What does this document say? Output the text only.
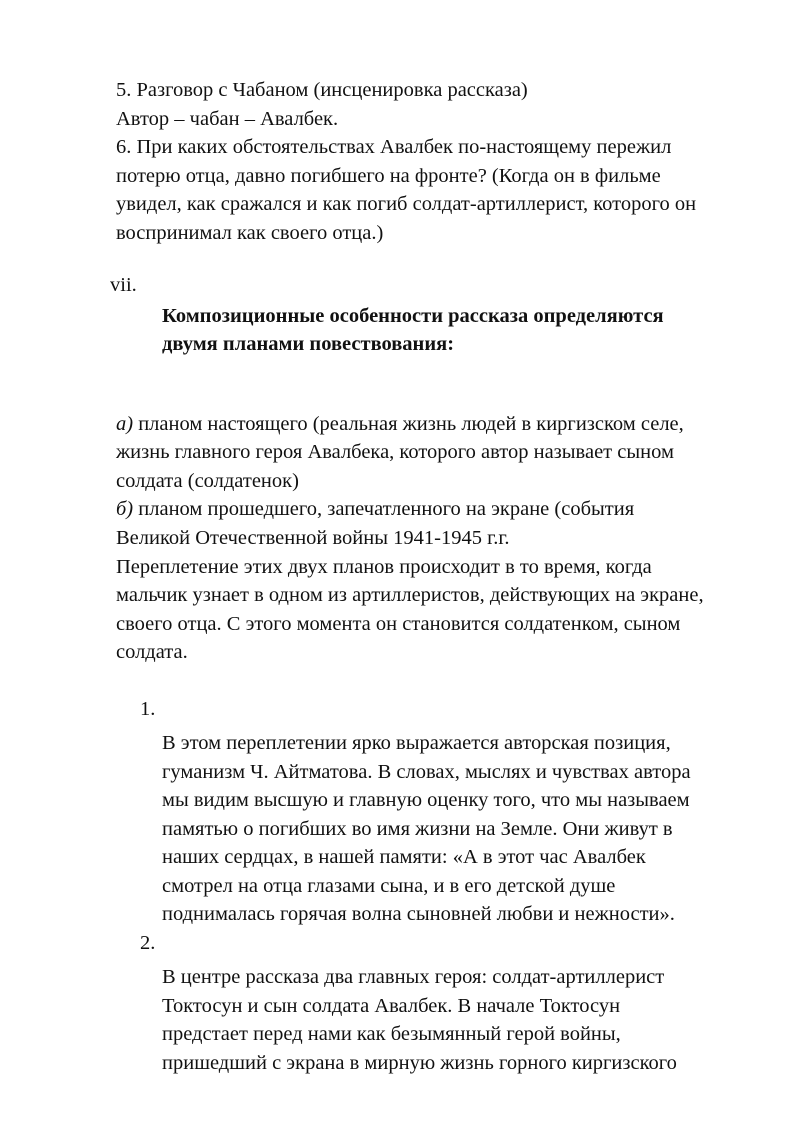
5. Разговор с Чабаном (инсценировка рассказа)
Автор – чабан – Авалбек.
6. При каких обстоятельствах Авалбек по-настоящему пережил
потерю отца, давно погибшего на фронте? (Когда он в фильме
увидел, как сражался и как погиб солдат-артиллерист, которого он
воспринимал как своего отца.)
vii.
Композиционные особенности рассказа определяются
двумя планами повествования:
а) планом настоящего (реальная жизнь людей в киргизском селе,
жизнь главного героя Авалбека, которого автор называет сыном
солдата (солдатенок)
б) планом прошедшего, запечатленного на экране (события
Великой Отечественной войны 1941-1945 г.г.
Переплетение этих двух планов происходит в то время, когда
мальчик узнает в одном из артиллеристов, действующих на экране,
своего отца. С этого момента он становится солдатенком, сыном
солдата.
1.
В этом переплетении ярко выражается авторская позиция,
гуманизм Ч. Айтматова. В словах, мыслях и чувствах автора
мы видим высшую и главную оценку того, что мы называем
памятью о погибших во имя жизни на Земле. Они живут в
наших сердцах, в нашей памяти: «А в этот час Авалбек
смотрел на отца глазами сына, и в его детской душе
поднималась горячая волна сыновней любви и нежности».
2.
В центре рассказа два главных героя: солдат-артиллерист
Токтосун и сын солдата Авалбек. В начале Токтосун
предстает перед нами как безымянный герой войны,
пришедший с экрана в мирную жизнь горного киргизского
